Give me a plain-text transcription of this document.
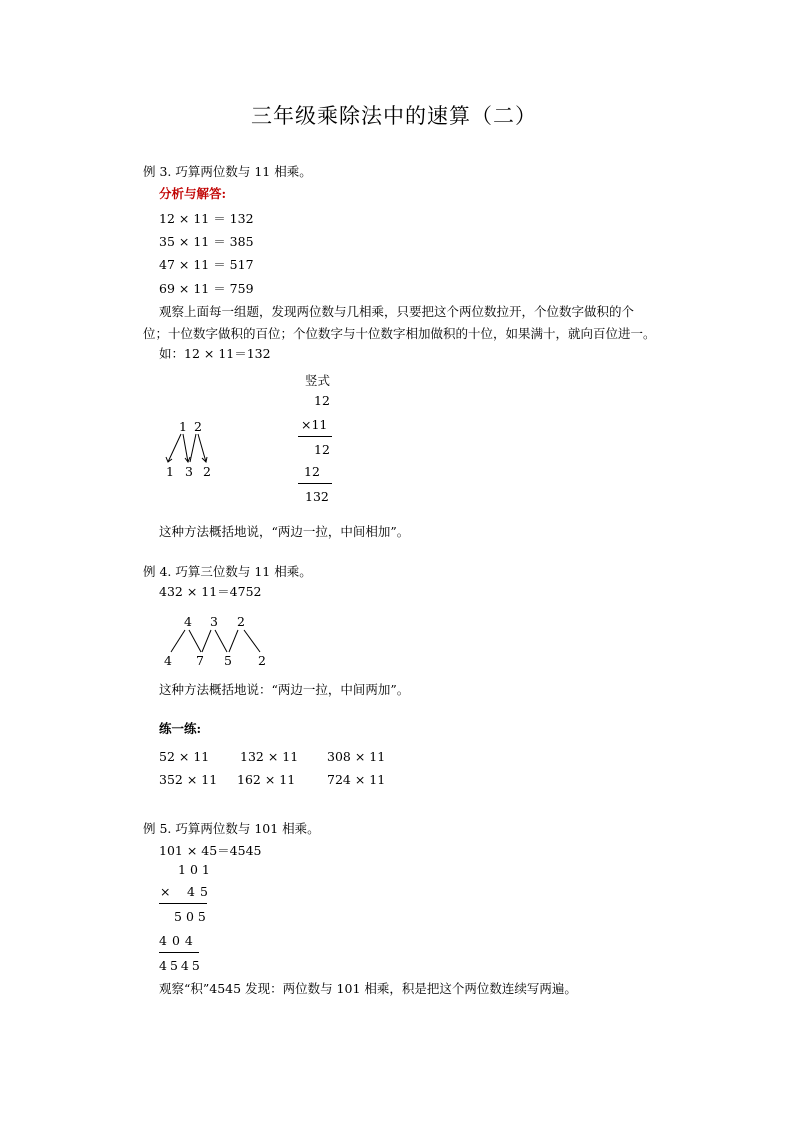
三年级乘除法中的速算（二）
例 3. 巧算两位数与 11 相乘。
分析与解答:
12 × 11 ＝ 132
35 × 11 ＝ 385
47 × 11 ＝ 517
69 × 11 ＝ 759
观察上面每一组题，发现两位数与几相乘，只要把这个两位数拉开，个位数字做积的个
位；十位数字做积的百位；个位数字与十位数字相加做积的十位，如果满十，就向百位进一。
如：12 × 11＝132
1 2
1 3 2
竖式
12
×11
12
12
132
这种方法概括地说，“两边一拉，中间相加”。
例 4. 巧算三位数与 11 相乘。
432 × 11＝4752
4 3 2
4 7 5 2
这种方法概括地说：“两边一拉，中间两加”。
练一练:
52 × 11 132 × 11 308 × 11
352 × 11 162 × 11	724 × 11
例 5. 巧算两位数与 101 相乘。
101 × 45＝4545
101
× 45
505
404
4545
观察“积”4545 发现：两位数与 101 相乘，积是把这个两位数连续写两遍。
